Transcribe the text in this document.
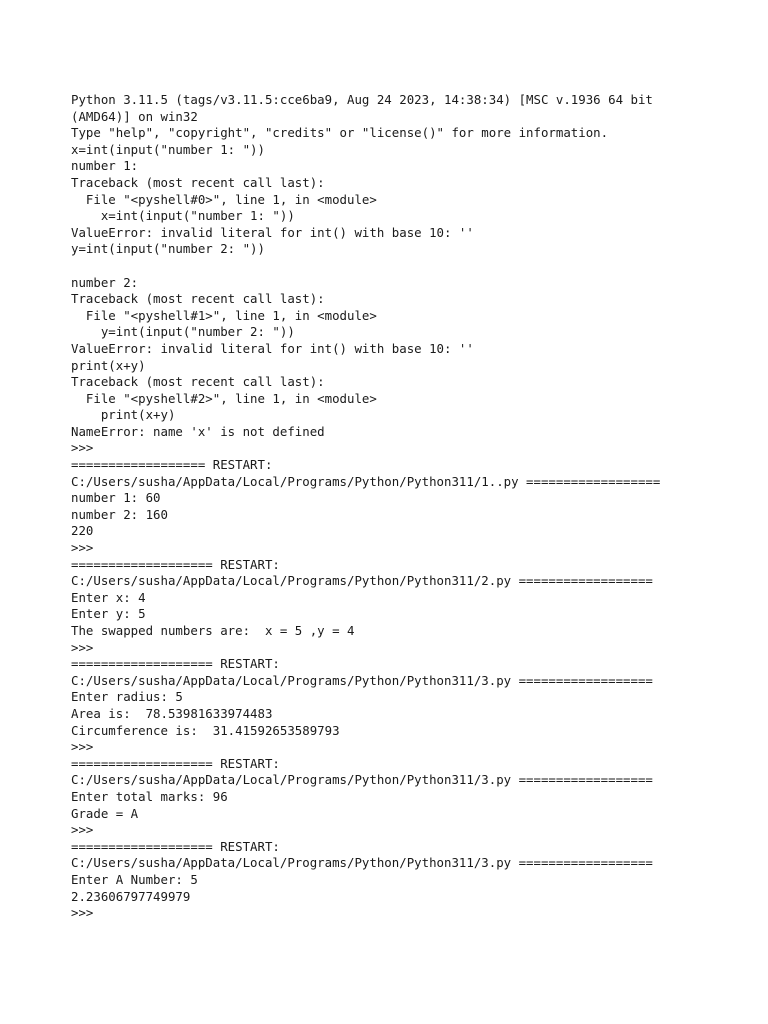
Python 3.11.5 (tags/v3.11.5:cce6ba9, Aug 24 2023, 14:38:34) [MSC v.1936 64 bit
(AMD64)] on win32
Type "help", "copyright", "credits" or "license()" for more information.
x=int(input("number 1: "))
number 1:
Traceback (most recent call last):
File "<pyshell#0>", line 1, in <module>
x=int(input("number 1: "))
ValueError: invalid literal for int() with base 10: ''
y=int(input("number 2: "))
number 2:
Traceback (most recent call last):
File "<pyshell#1>", line 1, in <module>
y=int(input("number 2: "))
ValueError: invalid literal for int() with base 10: ''
print(x+y)
Traceback (most recent call last):
File "<pyshell#2>", line 1, in <module>
print(x+y)
NameError: name 'x' is not defined
>>>
================== RESTART:
C:/Users/susha/AppData/Local/Programs/Python/Python311/1..py ==================
number 1: 60
number 2: 160
220
>>>
=================== RESTART:
C:/Users/susha/AppData/Local/Programs/Python/Python311/2.py ==================
Enter x: 4
Enter y: 5
The swapped numbers are:  x = 5 ,y = 4
>>>
=================== RESTART:
C:/Users/susha/AppData/Local/Programs/Python/Python311/3.py ==================
Enter radius: 5
Area is:  78.53981633974483
Circumference is:  31.41592653589793
>>>
=================== RESTART:
C:/Users/susha/AppData/Local/Programs/Python/Python311/3.py ==================
Enter total marks: 96
Grade = A
>>>
=================== RESTART:
C:/Users/susha/AppData/Local/Programs/Python/Python311/3.py ==================
Enter A Number: 5
2.23606797749979
>>>
